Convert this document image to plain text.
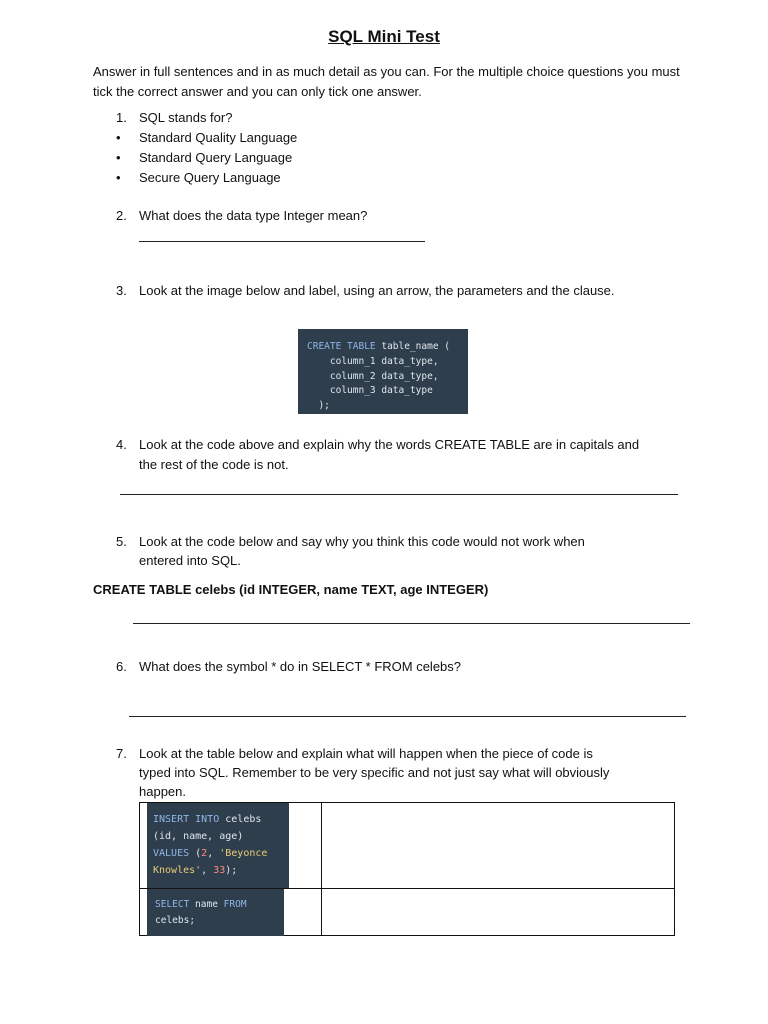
SQL Mini Test
Answer in full sentences and in as much detail as you can. For the multiple choice questions you must tick the correct answer and you can only tick one answer.
1. SQL stands for?
• Standard Quality Language
• Standard Query Language
• Secure Query Language
2. What does the data type Integer mean?
3. Look at the image below and label, using an arrow, the parameters and the clause.

CREATE TABLE table_name (
column_1 data_type,
column_2 data_type,
column_3 data_type
);

4. Look at the code above and explain why the words CREATE TABLE are in capitals and
the rest of the code is not.
5. Look at the code below and say why you think this code would not work when
entered into SQL.
CREATE TABLE celebs (id INTEGER, name TEXT, age INTEGER)
6. What does the symbol * do in SELECT * FROM celebs?
7. Look at the table below and explain what will happen when the piece of code is
typed into SQL. Remember to be very specific and not just say what will obviously
happen.

INSERT INTO celebs
(id, name, age)
VALUES (2, 'Beyonce
Knowles', 33);

SELECT name FROM
celebs;
